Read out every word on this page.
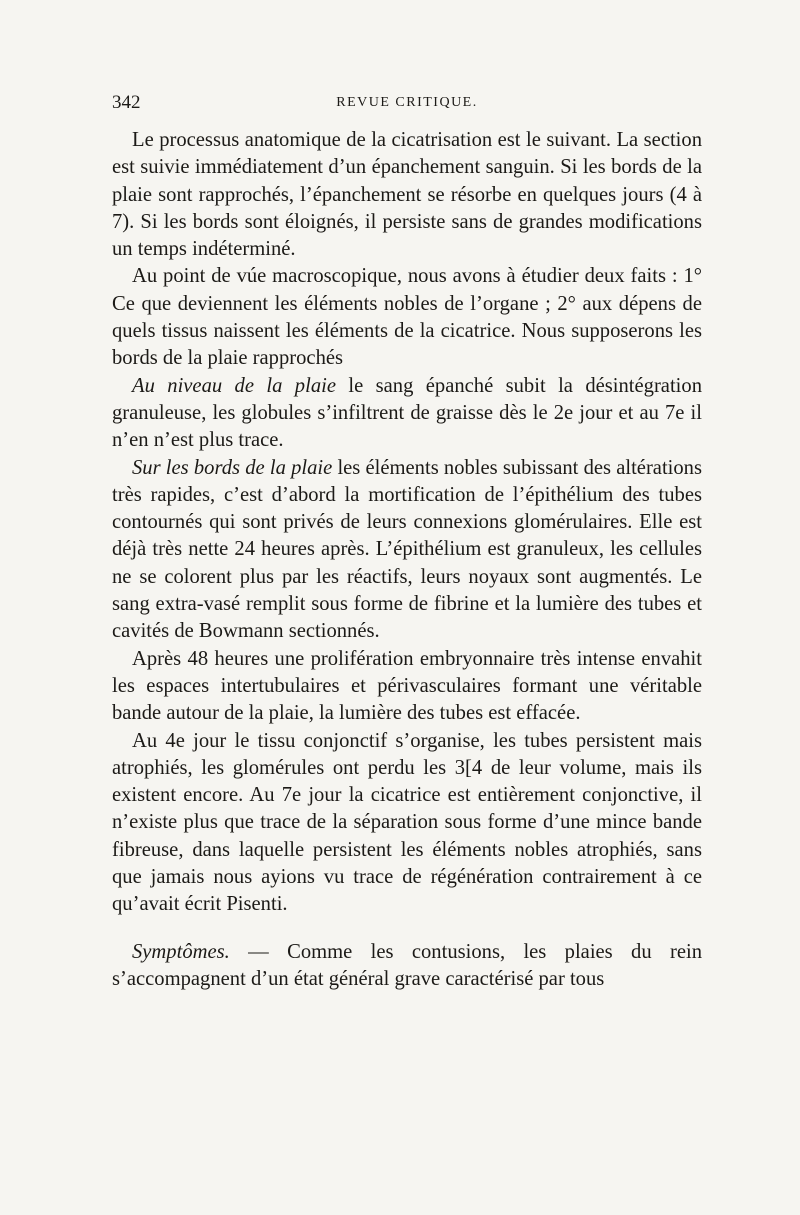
342	REVUE CRITIQUE.

Le processus anatomique de la cicatrisation est le suivant. La section est suivie immédiatement d’un épanchement sanguin. Si les bords de la plaie sont rapprochés, l’épanchement se résorbe en quelques jours (4 à 7). Si les bords sont éloignés, il persiste sans de grandes modifications un temps indéterminé.

Au point de vúe macroscopique, nous avons à étudier deux faits : 1° Ce que deviennent les éléments nobles de l’organe ; 2° aux dépens de quels tissus naissent les éléments de la cicatrice. Nous supposerons les bords de la plaie rapprochés

Au niveau de la plaie le sang épanché subit la désintégration granuleuse, les globules s’infiltrent de graisse dès le 2e jour et au 7e il n’en n’est plus trace.

Sur les bords de la plaie les éléments nobles subissant des altérations très rapides, c’est d’abord la mortification de l’épithélium des tubes contournés qui sont privés de leurs connexions glomérulaires. Elle est déjà très nette 24 heures après. L’épithélium est granuleux, les cellules ne se colorent plus par les réactifs, leurs noyaux sont augmentés. Le sang extra-vasé remplit sous forme de fibrine et la lumière des tubes et cavités de Bowmann sectionnés.

Après 48 heures une prolifération embryonnaire très intense envahit les espaces intertubulaires et périvasculaires formant une véritable bande autour de la plaie, la lumière des tubes est effacée.

Au 4e jour le tissu conjonctif s’organise, les tubes persistent mais atrophiés, les glomérules ont perdu les 3[4 de leur volume, mais ils existent encore. Au 7e jour la cicatrice est entièrement conjonctive, il n’existe plus que trace de la séparation sous forme d’une mince bande fibreuse, dans laquelle persistent les éléments nobles atrophiés, sans que jamais nous ayions vu trace de régénération contrairement à ce qu’avait écrit Pisenti.

Symptômes. — Comme les contusions, les plaies du rein s’accompagnent d’un état général grave caractérisé par tous
